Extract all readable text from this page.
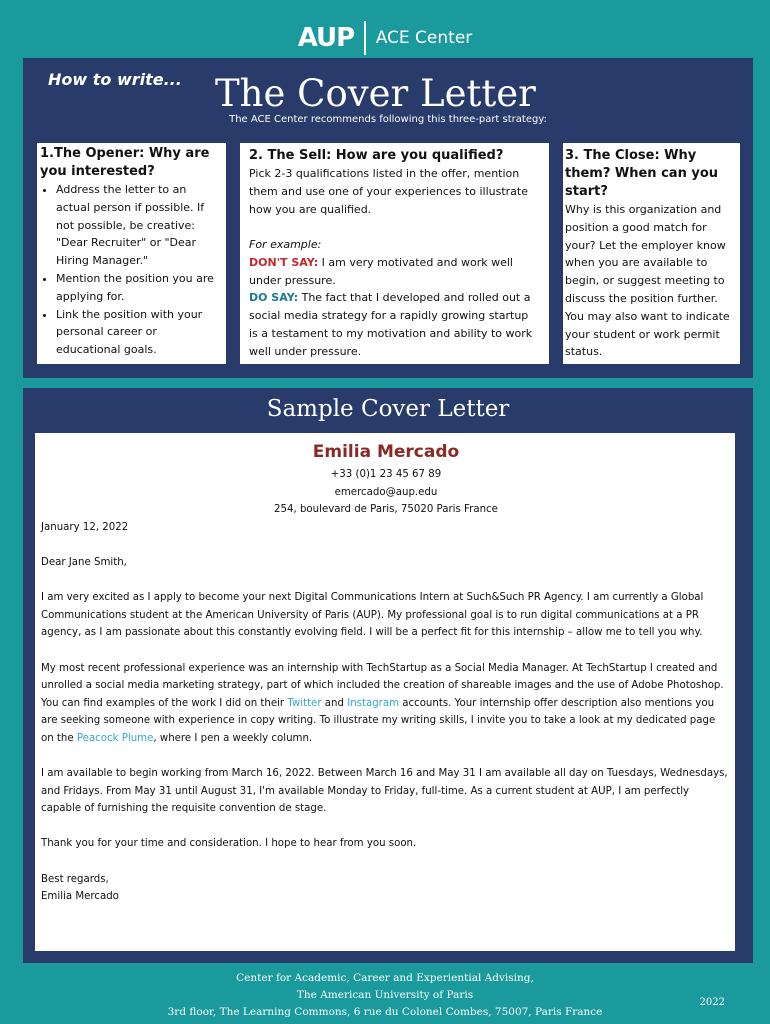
AUP ACE Center
How to write... The Cover Letter
The ACE Center recommends following this three-part strategy:
1.The Opener: Why are you interested?
• Address the letter to an actual person if possible. If not possible, be creative: "Dear Recruiter" or "Dear Hiring Manager."
• Mention the position you are applying for.
• Link the position with your personal career or educational goals.
2. The Sell: How are you qualified?
Pick 2-3 qualifications listed in the offer, mention them and use one of your experiences to illustrate how you are qualified.
For example:
DON'T SAY: I am very motivated and work well under pressure.
DO SAY: The fact that I developed and rolled out a social media strategy for a rapidly growing startup is a testament to my motivation and ability to work well under pressure.
3. The Close: Why them? When can you start?
Why is this organization and position a good match for your? Let the employer know when you are available to begin, or suggest meeting to discuss the position further. You may also want to indicate your student or work permit status.
Sample Cover Letter
Emilia Mercado
+33 (0)1 23 45 67 89
emercado@aup.edu
254, boulevard de Paris, 75020 Paris France

January 12, 2022

Dear Jane Smith,

I am very excited as I apply to become your next Digital Communications Intern at Such&Such PR Agency. I am currently a Global Communications student at the American University of Paris (AUP). My professional goal is to run digital communications at a PR agency, as I am passionate about this constantly evolving field. I will be a perfect fit for this internship – allow me to tell you why.

My most recent professional experience was an internship with TechStartup as a Social Media Manager. At TechStartup I created and unrolled a social media marketing strategy, part of which included the creation of shareable images and the use of Adobe Photoshop. You can find examples of the work I did on their Twitter and Instagram accounts. Your internship offer description also mentions you are seeking someone with experience in copy writing. To illustrate my writing skills, I invite you to take a look at my dedicated page on the Peacock Plume, where I pen a weekly column.

I am available to begin working from March 16, 2022. Between March 16 and May 31 I am available all day on Tuesdays, Wednesdays, and Fridays. From May 31 until August 31, I'm available Monday to Friday, full-time. As a current student at AUP, I am perfectly capable of furnishing the requisite convention de stage.

Thank you for your time and consideration. I hope to hear from you soon.

Best regards,

Emilia Mercado

Center for Academic, Career and Experiential Advising,
The American University of Paris
3rd floor, The Learning Commons, 6 rue du Colonel Combes, 75007, Paris France
2022
